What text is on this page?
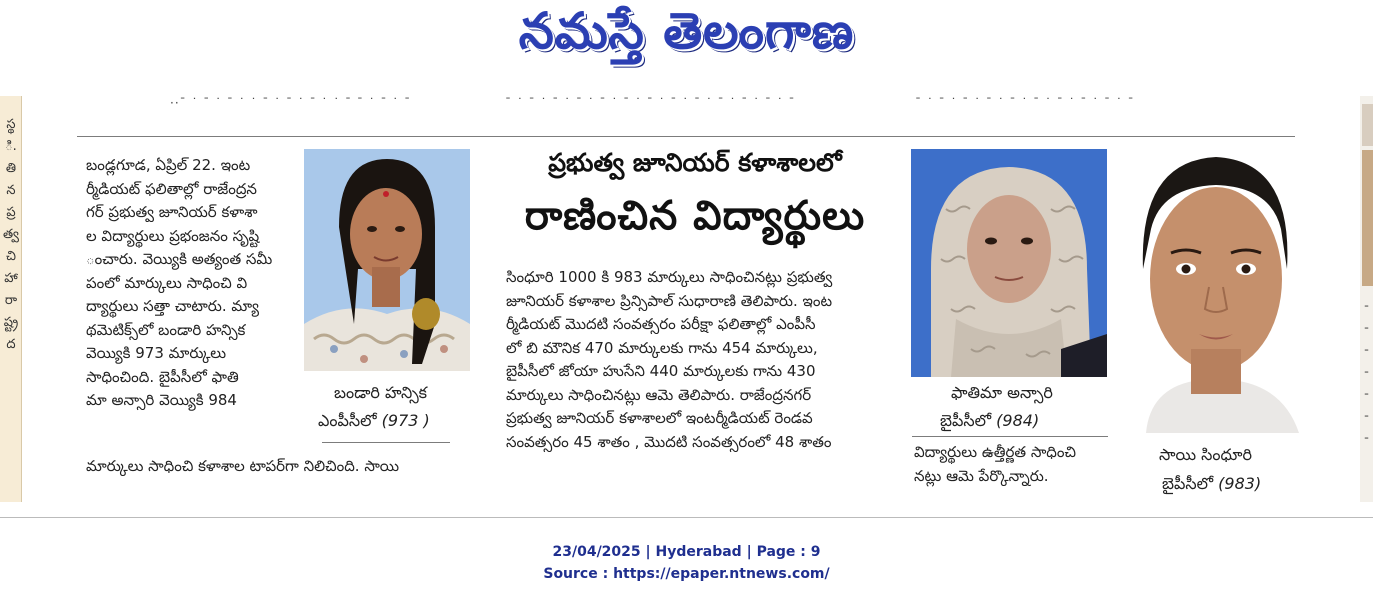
నమస్తే తెలంగాణ
··ˉ ˙ ˉ ˙ ˉ ˙ ˙ ˉ ˙ ˉ ˙ ˉ ˙ ˙ ˉ ˉ ˙ ˉ ˙ ˉ	ˉ ˙ ˉ ˙ ˉ ˙ ˉ ˙ ˉ ˙ ˉ ˙ ˉ ˙ ˉ ˙ ˉ ˙ ˉ ˙ ˉ ˙ ˉ ˙ ˉ	ˉ ˙ ˉ ˙ ˉ ˙ ˉ ˙ ˉ ˙ ˉ ˙ ˉ ˙ ˉ ˙ ˉ ˙ ˉ
స్థ
ి.
తి
న
ప్ర
త్వ
చి
హా
రా
ష్ట్ర
ద
ˉ
ˉ
ˉ
ˉ
ˉ
ˉ
ˉ
బండ్లగూడ, ఏప్రిల్ 22. ఇంట
ర్మీడియట్ ఫలితాల్లో రాజేంద్రన
గర్ ప్రభుత్వ జూనియర్ కళాశా
ల విద్యార్థులు ప్రభంజనం సృష్టి
ంచారు. వెయ్యికి అత్యంత సమీ
పంలో మార్కులు సాధించి వి
ద్యార్థులు సత్తా చాటారు. మ్యా
థమెటిక్స్‌లో బండారి హన్సిక
వెయ్యికి 973 మార్కులు
సాధించింది. బైపీసీలో ఫాతి
మా అన్సారి వెయ్యికి 984
మార్కులు సాధించి కళాశాల టాపర్‌గా నిలిచింది. సాయి
బండారి హన్సిక
ఎంపీసీలో (973 )
ప్రభుత్వ జూనియర్ కళాశాలలో
రాణించిన విద్యార్థులు
సింధూరి 1000 కి 983 మార్కులు సాధించినట్లు ప్రభుత్వ
జూనియర్ కళాశాల ప్రిన్సిపాల్ సుధారాణి తెలిపారు. ఇంట
ర్మీడియట్ మొదటి సంవత్సరం పరీక్షా ఫలితాల్లో ఎంపీసీ
లో బి మౌనిక 470 మార్కులకు గాను 454 మార్కులు,
బైపీసీలో జోయా హుసేని 440 మార్కులకు గాను 430
మార్కులు సాధించినట్లు ఆమె తెలిపారు. రాజేంద్రనగర్
ప్రభుత్వ జూనియర్ కళాశాలలో ఇంటర్మీడియట్ రెండవ
సంవత్సరం 45 శాతం , మొదటి సంవత్సరంలో 48 శాతం
ఫాతిమా అన్సారి
బైపీసీలో (984)
విద్యార్థులు ఉత్తీర్ణత సాధించి
నట్లు ఆమె పేర్కొన్నారు.
సాయి సింధూరి
బైపీసీలో (983)
23/04/2025 | Hyderabad | Page : 9
Source : https://epaper.ntnews.com/
